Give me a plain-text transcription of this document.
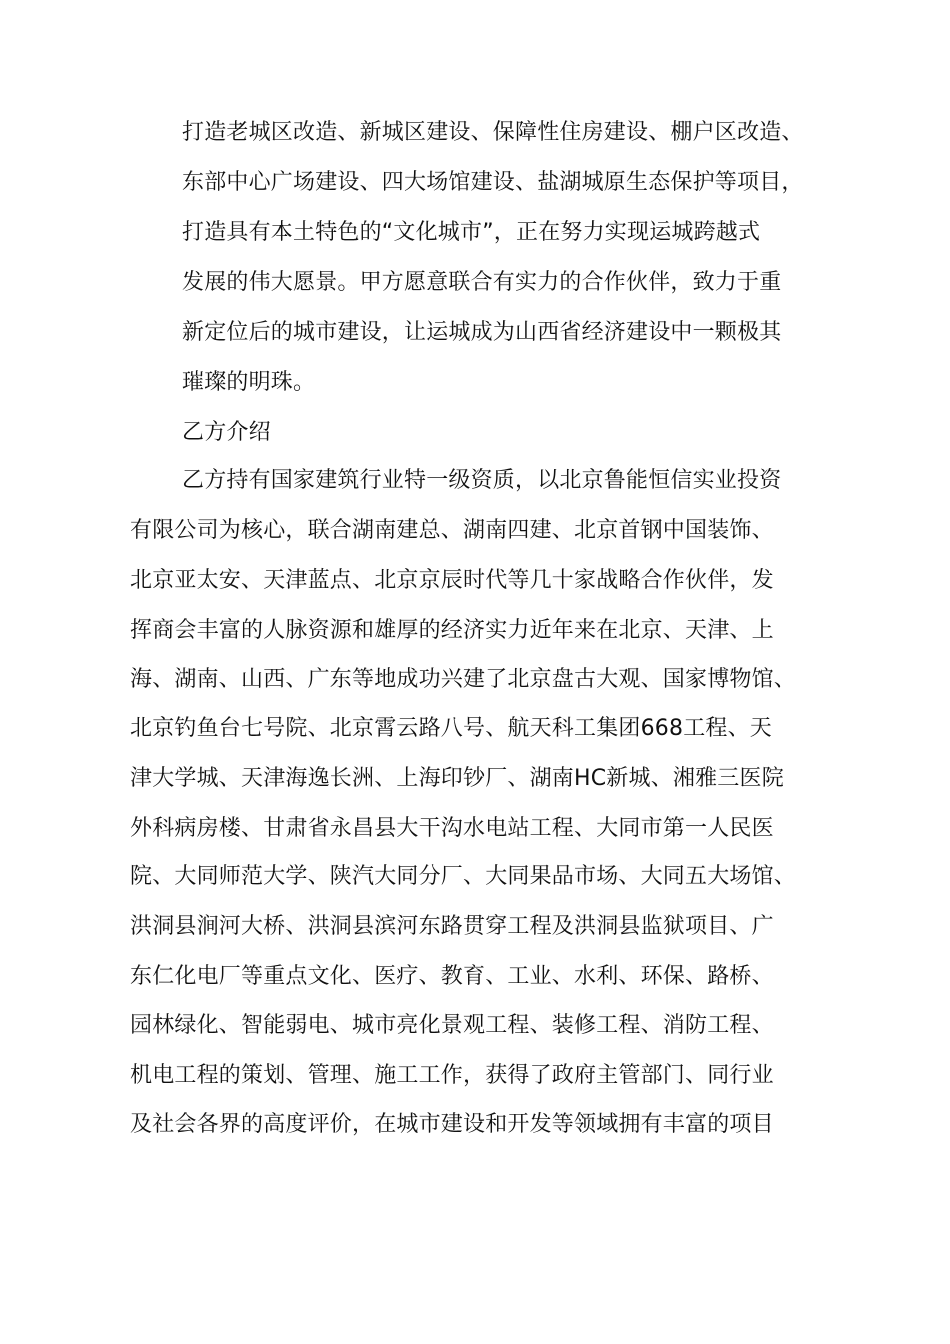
打造老城区改造、新城区建设、保障性住房建设、棚户区改造、
东部中心广场建设、四大场馆建设、盐湖城原生态保护等项目，
打造具有本土特色的“文化城市”，正在努力实现运城跨越式
发展的伟大愿景。甲方愿意联合有实力的合作伙伴，致力于重
新定位后的城市建设，让运城成为山西省经济建设中一颗极其
璀璨的明珠。
乙方介绍
乙方持有国家建筑行业特一级资质，以北京鲁能恒信实业投资
有限公司为核心，联合湖南建总、湖南四建、北京首钢中国装饰、
北京亚太安、天津蓝点、北京京辰时代等几十家战略合作伙伴，发
挥商会丰富的人脉资源和雄厚的经济实力近年来在北京、天津、上
海、湖南、山西、广东等地成功兴建了北京盘古大观、国家博物馆、
北京钓鱼台七号院、北京霄云路八号、航天科工集团668工程、天
津大学城、天津海逸长洲、上海印钞厂、湖南HC新城、湘雅三医院
外科病房楼、甘肃省永昌县大干沟水电站工程、大同市第一人民医
院、大同师范大学、陕汽大同分厂、大同果品市场、大同五大场馆、
洪洞县涧河大桥、洪洞县滨河东路贯穿工程及洪洞县监狱项目、广
东仁化电厂等重点文化、医疗、教育、工业、水利、环保、路桥、
园林绿化、智能弱电、城市亮化景观工程、装修工程、消防工程、
机电工程的策划、管理、施工工作，获得了政府主管部门、同行业
及社会各界的高度评价，在城市建设和开发等领域拥有丰富的项目
